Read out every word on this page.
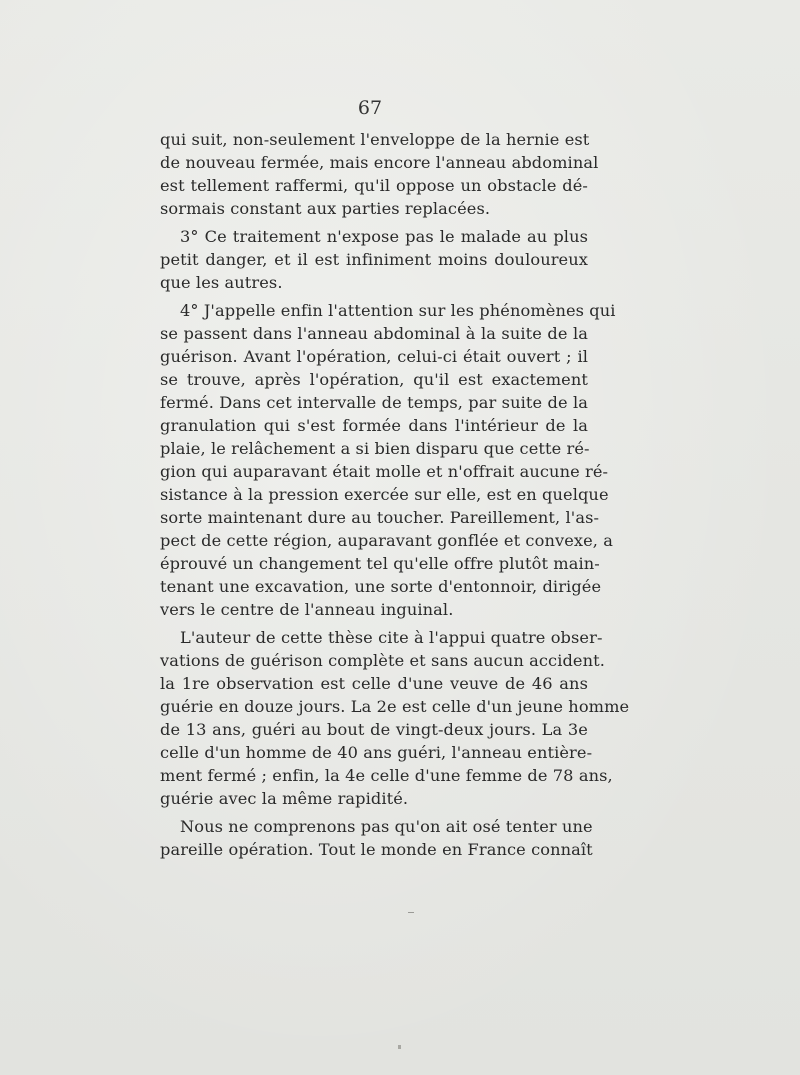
67
qui suit, non-seulement l'enveloppe de la hernie est
de nouveau fermée, mais encore l'anneau abdominal
est tellement raffermi, qu'il oppose un obstacle dé-
sormais constant aux parties replacées.
3° Ce traitement n'expose pas le malade au plus
petit danger, et il est infiniment moins douloureux
que les autres.
4° J'appelle enfin l'attention sur les phénomènes qui
se passent dans l'anneau abdominal à la suite de la
guérison. Avant l'opération, celui-ci était ouvert ; il
se trouve, après l'opération, qu'il est exactement
fermé. Dans cet intervalle de temps, par suite de la
granulation qui s'est formée dans l'intérieur de la
plaie, le relâchement a si bien disparu que cette ré-
gion qui auparavant était molle et n'offrait aucune ré-
sistance à la pression exercée sur elle, est en quelque
sorte maintenant dure au toucher. Pareillement, l'as-
pect de cette région, auparavant gonflée et convexe, a
éprouvé un changement tel qu'elle offre plutôt main-
tenant une excavation, une sorte d'entonnoir, dirigée
vers le centre de l'anneau inguinal.
L'auteur de cette thèse cite à l'appui quatre obser-
vations de guérison complète et sans aucun accident.
la 1re observation est celle d'une veuve de 46 ans
guérie en douze jours. La 2e est celle d'un jeune homme
de 13 ans, guéri au bout de vingt-deux jours. La 3e
celle d'un homme de 40 ans guéri, l'anneau entière-
ment fermé ; enfin, la 4e celle d'une femme de 78 ans,
guérie avec la même rapidité.
Nous ne comprenons pas qu'on ait osé tenter une
pareille opération. Tout le monde en France connaît
